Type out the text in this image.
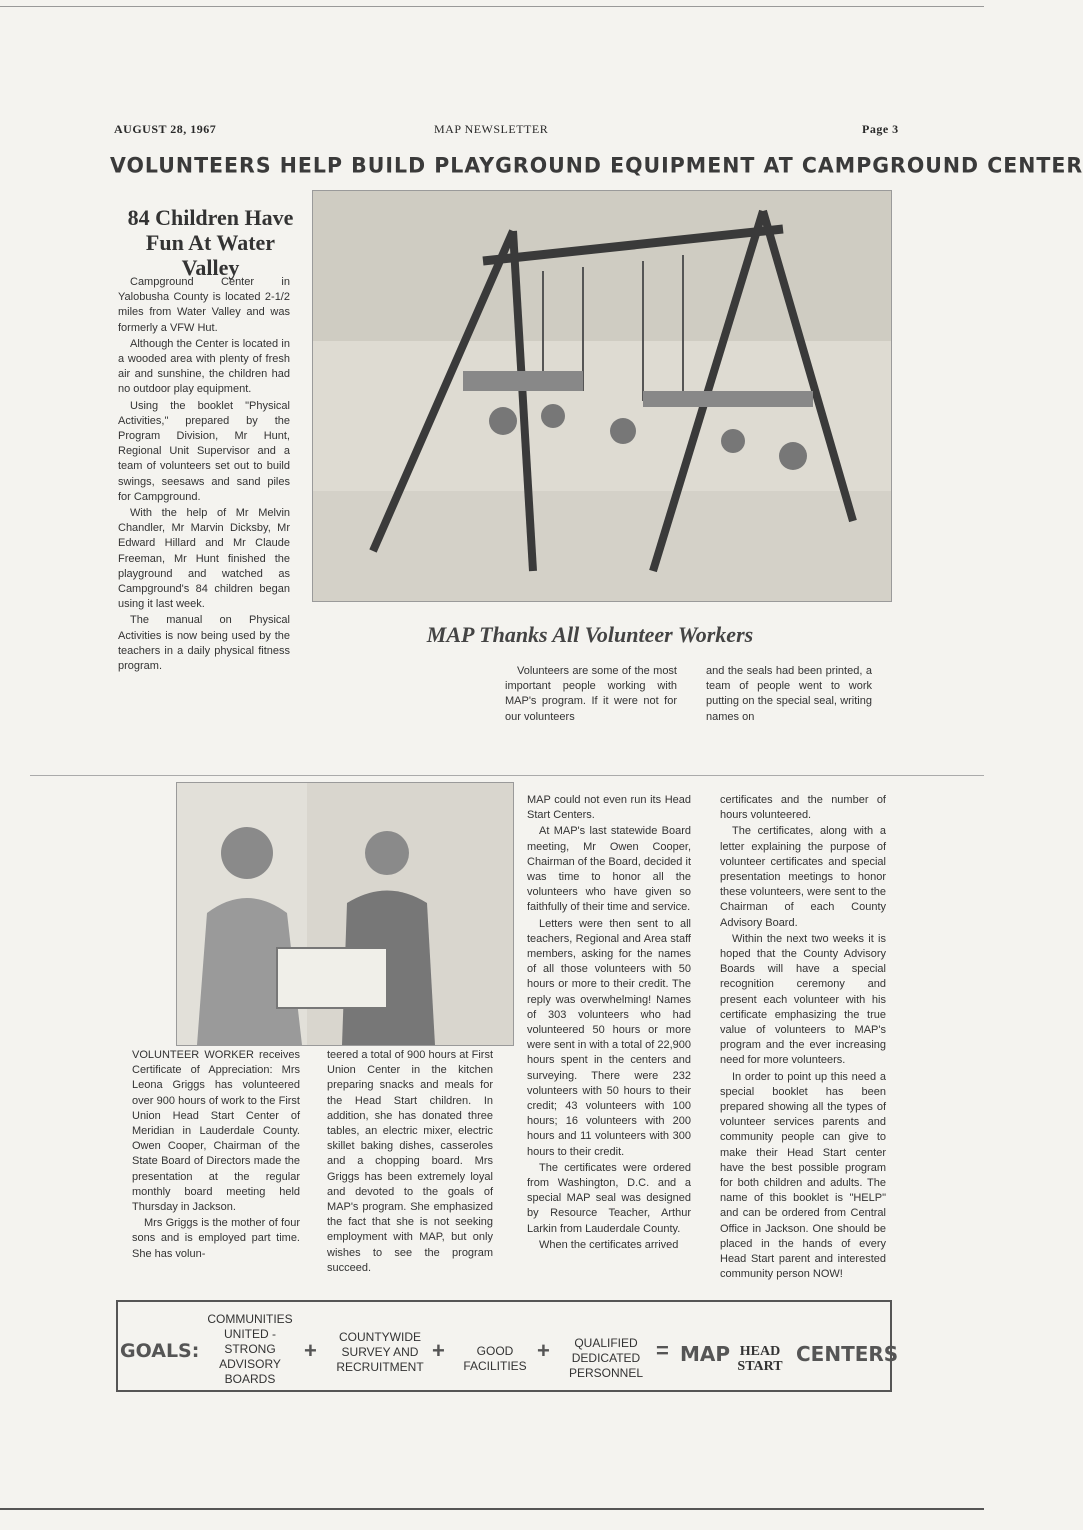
AUGUST 28, 1967	MAP NEWSLETTER	Page 3
VOLUNTEERS HELP BUILD PLAYGROUND EQUIPMENT AT CAMPGROUND CENTER
84 Children Have
Fun At Water Valley

Campground Center in Yalobusha County is located 2-1/2 miles from Water Valley and was formerly a VFW Hut.

Although the Center is located in a wooded area with plenty of fresh air and sunshine, the children had no outdoor play equipment.

Using the booklet "Physical Activities," prepared by the Program Division, Mr Hunt, Regional Unit Supervisor and a team of volunteers set out to build swings, seesaws and sand piles for Campground.

With the help of Mr Melvin Chandler, Mr Marvin Dicksby, Mr Edward Hillard and Mr Claude Freeman, Mr Hunt finished the playground and watched as Campground's 84 children began using it last week.

The manual on Physical Activities is now being used by the teachers in a daily physical fitness program.

MAP Thanks All Volunteer Workers

Volunteers are some of the most important people working with MAP's program. If it were not for our volunteers

and the seals had been printed, a team of people went to work putting on the special seal, writing names on

MAP could not even run its Head Start Centers.

At MAP's last statewide Board meeting, Mr Owen Cooper, Chairman of the Board, decided it was time to honor all the volunteers who have given so faithfully of their time and service.

Letters were then sent to all teachers, Regional and Area staff members, asking for the names of all those volunteers with 50 hours or more to their credit. The reply was overwhelming! Names of 303 volunteers who had volunteered 50 hours or more were sent in with a total of 22,900 hours spent in the centers and surveying. There were 232 volunteers with 50 hours to their credit; 43 volunteers with 100 hours; 16 volunteers with 200 hours and 11 volunteers with 300 hours to their credit.

The certificates were ordered from Washington, D.C. and a special MAP seal was designed by Resource Teacher, Arthur Larkin from Lauderdale County.

When the certificates arrived

certificates and the number of hours volunteered.

The certificates, along with a letter explaining the purpose of volunteer certificates and special presentation meetings to honor these volunteers, were sent to the Chairman of each County Advisory Board.

Within the next two weeks it is hoped that the County Advisory Boards will have a special recognition ceremony and present each volunteer with his certificate emphasizing the true value of volunteers to MAP's program and the ever increasing need for more volunteers.

In order to point up this need a special booklet has been prepared showing all the types of volunteer services parents and community people can give to make their Head Start center have the best possible program for both children and adults. The name of this booklet is "HELP" and can be ordered from Central Office in Jackson. One should be placed in the hands of every Head Start parent and interested community person NOW!

VOLUNTEER WORKER receives Certificate of Appreciation: Mrs Leona Griggs has volunteered over 900 hours of work to the First Union Head Start Center of Meridian in Lauderdale County. Owen Cooper, Chairman of the State Board of Directors made the presentation at the regular monthly board meeting held Thursday in Jackson.

Mrs Griggs is the mother of four sons and is employed part time. She has volun-

teered a total of 900 hours at First Union Center in the kitchen preparing snacks and meals for the Head Start children. In addition, she has donated three tables, an electric mixer, electric skillet baking dishes, casseroles and a chopping board. Mrs Griggs has been extremely loyal and devoted to the goals of MAP's program. She emphasized the fact that she is not seeking employment with MAP, but only wishes to see the program succeed.

GOALS:
COMMUNITIES
UNITED -
STRONG
ADVISORY
BOARDS
+
COUNTYWIDE
SURVEY AND
RECRUITMENT
+	GOOD
FACILITIES
+	QUALIFIED
DEDICATED
PERSONNEL
= MAP HEAD
START
CENTERS
